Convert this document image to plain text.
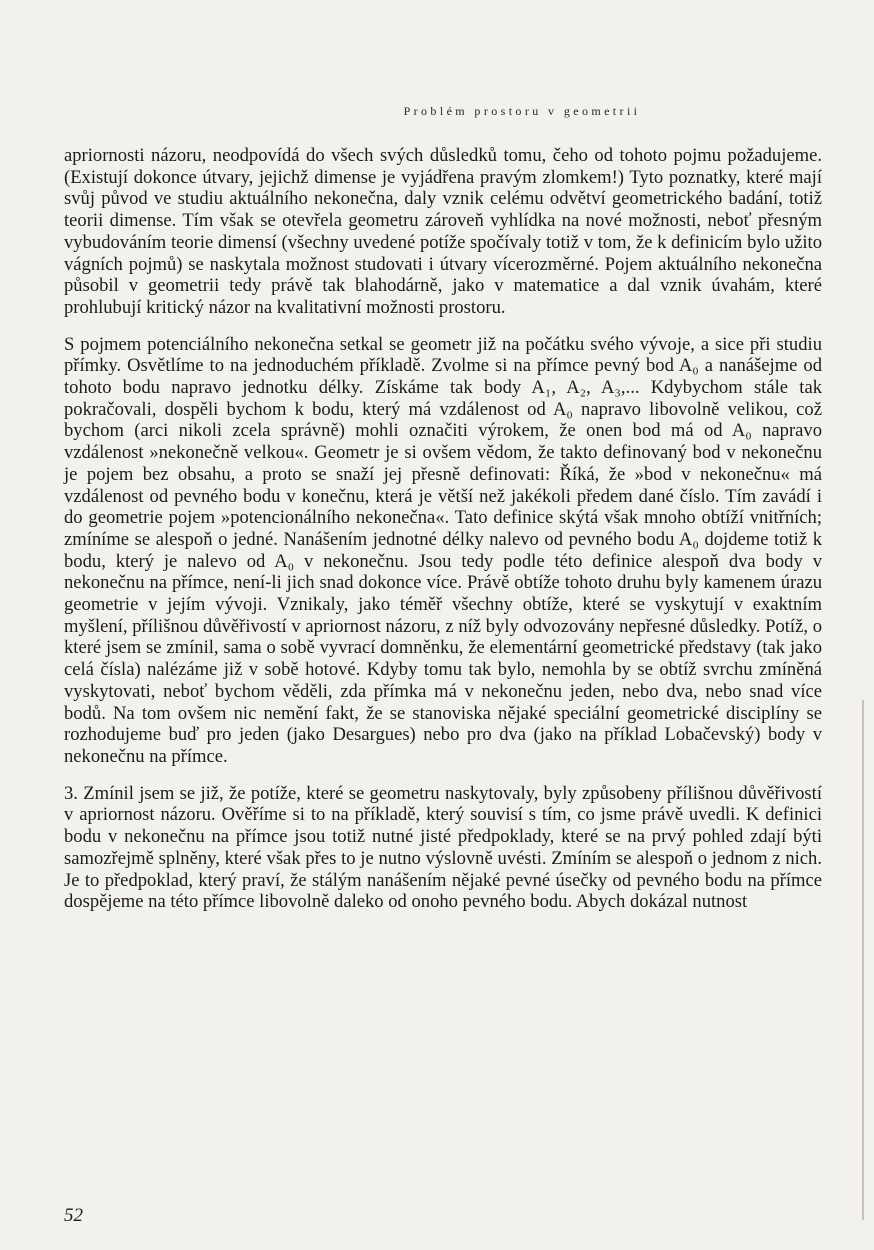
Problém prostoru v geometrii

apriornosti názoru, neodpovídá do všech svých důsledků tomu, čeho od tohoto pojmu požadujeme. (Existují dokonce útvary, jejichž dimense je vyjádřena pravým zlomkem!) Tyto poznatky, které mají svůj původ ve studiu aktuálního nekonečna, daly vznik celému odvětví geometrického badání, totiž teorii dimense. Tím však se otevřela geometru zároveň vyhlídka na nové možnosti, neboť přesným vybudováním teorie dimensí (všechny uvedené potíže spočívaly totiž v tom, že k definicím bylo užito vágních pojmů) se naskytala možnost studovati i útvary vícerozměrné. Pojem aktuálního nekonečna působil v geometrii tedy právě tak blahodárně, jako v matematice a dal vznik úvahám, které prohlubují kritický názor na kvalitativní možnosti prostoru.

S pojmem potenciálního nekonečna setkal se geometr již na počátku svého vývoje, a sice při studiu přímky. Osvětlíme to na jednoduchém příkladě. Zvolme si na přímce pevný bod A₀ a nanášejme od tohoto bodu napravo jednotku délky. Získáme tak body A₁, A₂, A₃,... Kdybychom stále tak pokračovali, dospěli bychom k bodu, který má vzdálenost od A₀ napravo libovolně velikou, což bychom (arci nikoli zcela správně) mohli označiti výrokem, že onen bod má od A₀ napravo vzdálenost »nekonečně velkou«. Geometr je si ovšem vědom, že takto definovaný bod v nekonečnu je pojem bez obsahu, a proto se snaží jej přesně definovati: Říká, že »bod v nekonečnu« má vzdálenost od pevného bodu v konečnu, která je větší než jakékoli předem dané číslo. Tím zavádí i do geometrie pojem »potencionálního nekonečna«. Tato definice skýtá však mnoho obtíží vnitřních; zmíníme se alespoň o jedné. Nanášením jednotné délky nalevo od pevného bodu A₀ dojdeme totiž k bodu, který je nalevo od A₀ v nekonečnu. Jsou tedy podle této definice alespoň dva body v nekonečnu na přímce, není-li jich snad dokonce více. Právě obtíže tohoto druhu byly kamenem úrazu geometrie v jejím vývoji. Vznikaly, jako téměř všechny obtíže, které se vyskytují v exaktním myšlení, přílišnou důvěřivostí v apriornost názoru, z níž byly odvozovány nepřesné důsledky. Potíž, o které jsem se zmínil, sama o sobě vyvrací domněnku, že elementární geometrické představy (tak jako celá čísla) nalézáme již v sobě hotové. Kdyby tomu tak bylo, nemohla by se obtíž svrchu zmíněná vyskytovati, neboť bychom věděli, zda přímka má v nekonečnu jeden, nebo dva, nebo snad více bodů. Na tom ovšem nic nemění fakt, že se stanoviska nějaké speciální geometrické disciplíny se rozhodujeme buď pro jeden (jako Desargues) nebo pro dva (jako na příklad Lobačevský) body v nekonečnu na přímce.

3. Zmínil jsem se již, že potíže, které se geometru naskytovaly, byly způsobeny přílišnou důvěřivostí v apriornost názoru. Ověříme si to na příkladě, který souvisí s tím, co jsme právě uvedli. K definici bodu v nekonečnu na přímce jsou totiž nutné jisté předpoklady, které se na prvý pohled zdají býti samozřejmě splněny, které však přes to je nutno výslovně uvésti. Zmíním se alespoň o jednom z nich. Je to předpoklad, který praví, že stálým nanášením nějaké pevné úsečky od pevného bodu na přímce dospějeme na této přímce libovolně daleko od onoho pevného bodu. Abych dokázal nutnost

52
